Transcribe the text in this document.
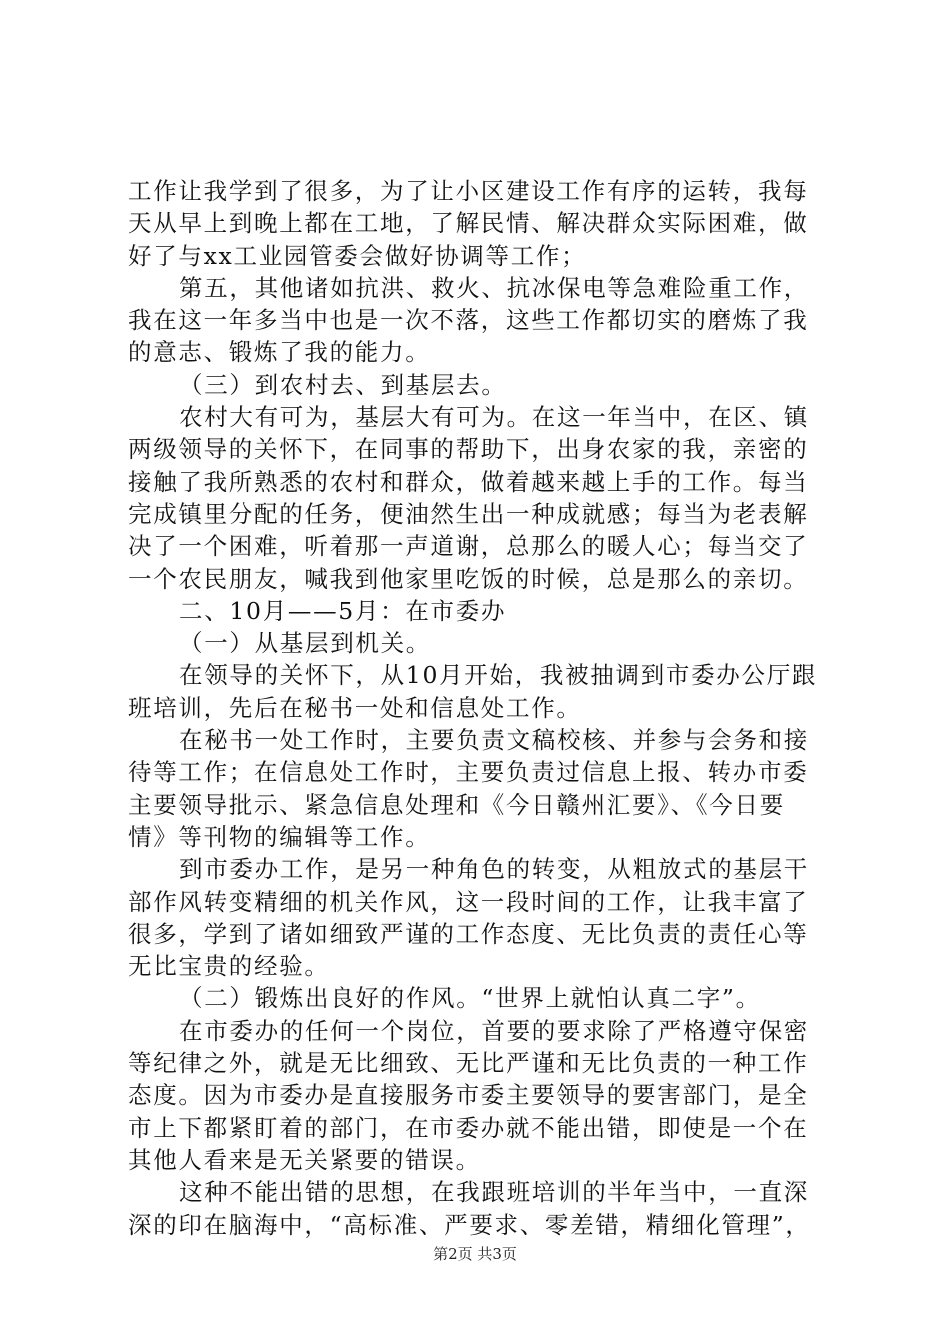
工作让我学到了很多，为了让小区建设工作有序的运转，我每
天从早上到晚上都在工地，了解民情、解决群众实际困难，做
好了与xx工业园管委会做好协调等工作；
第五，其他诸如抗洪、救火、抗冰保电等急难险重工作，
我在这一年多当中也是一次不落，这些工作都切实的磨炼了我
的意志、锻炼了我的能力。
（三）到农村去、到基层去。
农村大有可为，基层大有可为。在这一年当中，在区、镇
两级领导的关怀下，在同事的帮助下，出身农家的我，亲密的
接触了我所熟悉的农村和群众，做着越来越上手的工作。每当
完成镇里分配的任务，便油然生出一种成就感；每当为老表解
决了一个困难，听着那一声道谢，总那么的暖人心；每当交了
一个农民朋友，喊我到他家里吃饭的时候，总是那么的亲切。
二、10月——5月：在市委办
（一）从基层到机关。
在领导的关怀下，从10月开始，我被抽调到市委办公厅跟
班培训，先后在秘书一处和信息处工作。
在秘书一处工作时，主要负责文稿校核、并参与会务和接
待等工作；在信息处工作时，主要负责过信息上报、转办市委
主要领导批示、紧急信息处理和《今日赣州汇要》、《今日要
情》等刊物的编辑等工作。
到市委办工作，是另一种角色的转变，从粗放式的基层干
部作风转变精细的机关作风，这一段时间的工作，让我丰富了
很多，学到了诸如细致严谨的工作态度、无比负责的责任心等
无比宝贵的经验。
（二）锻炼出良好的作风。“世界上就怕认真二字”。
在市委办的任何一个岗位，首要的要求除了严格遵守保密
等纪律之外，就是无比细致、无比严谨和无比负责的一种工作
态度。因为市委办是直接服务市委主要领导的要害部门，是全
市上下都紧盯着的部门，在市委办就不能出错，即使是一个在
其他人看来是无关紧要的错误。
这种不能出错的思想，在我跟班培训的半年当中，一直深
深的印在脑海中，“高标准、严要求、零差错，精细化管理”，
第2页 共3页
